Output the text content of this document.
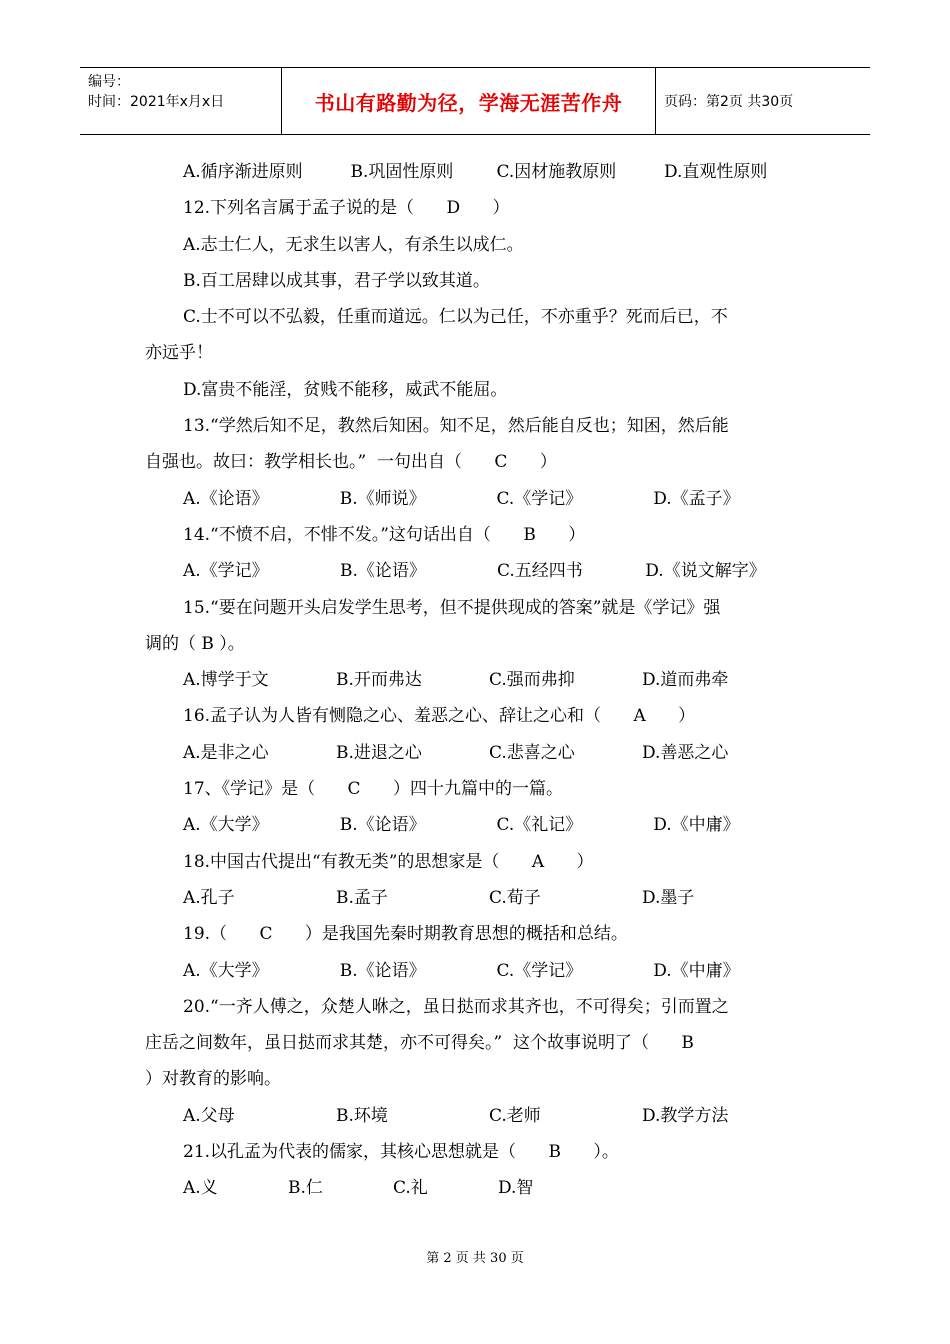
编号：
时间：2021年x月x日	书山有路勤为径，学海无涯苦作舟	页码：第2页 共30页
A.循序渐进原则	B.巩固性原则	C.因材施教原则	D.直观性原则
12.下列名言属于孟子说的是（      D      ）
A.志士仁人，无求生以害人，有杀生以成仁。
B.百工居肆以成其事，君子学以致其道。
C.士不可以不弘毅，任重而道远。仁以为己任，不亦重乎？死而后已，不
亦远乎！
D.富贵不能淫，贫贱不能移，威武不能屈。
13.“学然后知不足，教然后知困。知不足，然后能自反也；知困，然后能
自强也。故曰：教学相长也。”  一句出自（      C      ）
A.《论语》	B.《师说》	C.《学记》	D.《孟子》
14.“不愤不启，不悱不发。”这句话出自（      B      ）
A.《学记》	B.《论语》	C.五经四书	D.《说文解字》
15.“要在问题开头启发学生思考，但不提供现成的答案”就是《学记》强
调的（ B ）。
A.博学于文	B.开而弗达	C.强而弗抑	D.道而弗牵
16.孟子认为人皆有恻隐之心、羞恶之心、辞让之心和（      A      ）
A.是非之心	B.进退之心	C.悲喜之心	D.善恶之心
17、《学记》是（      C      ）四十九篇中的一篇。
A.《大学》	B.《论语》	C.《礼记》	D.《中庸》
18.中国古代提出“有教无类”的思想家是（      A      ）
A.孔子	B.孟子	C.荀子	D.墨子
19.（      C      ）是我国先秦时期教育思想的概括和总结。
A.《大学》	B.《论语》	C.《学记》	D.《中庸》
20.“一齐人傅之，众楚人咻之，虽日挞而求其齐也，不可得矣；引而置之
庄岳之间数年，虽日挞而求其楚，亦不可得矣。”  这个故事说明了（      B
）对教育的影响。
A.父母	B.环境	C.老师	D.教学方法
21.以孔孟为代表的儒家，其核心思想就是（      B      ）。
A.义	B.仁	C.礼	D.智
第 2 页 共 30 页
